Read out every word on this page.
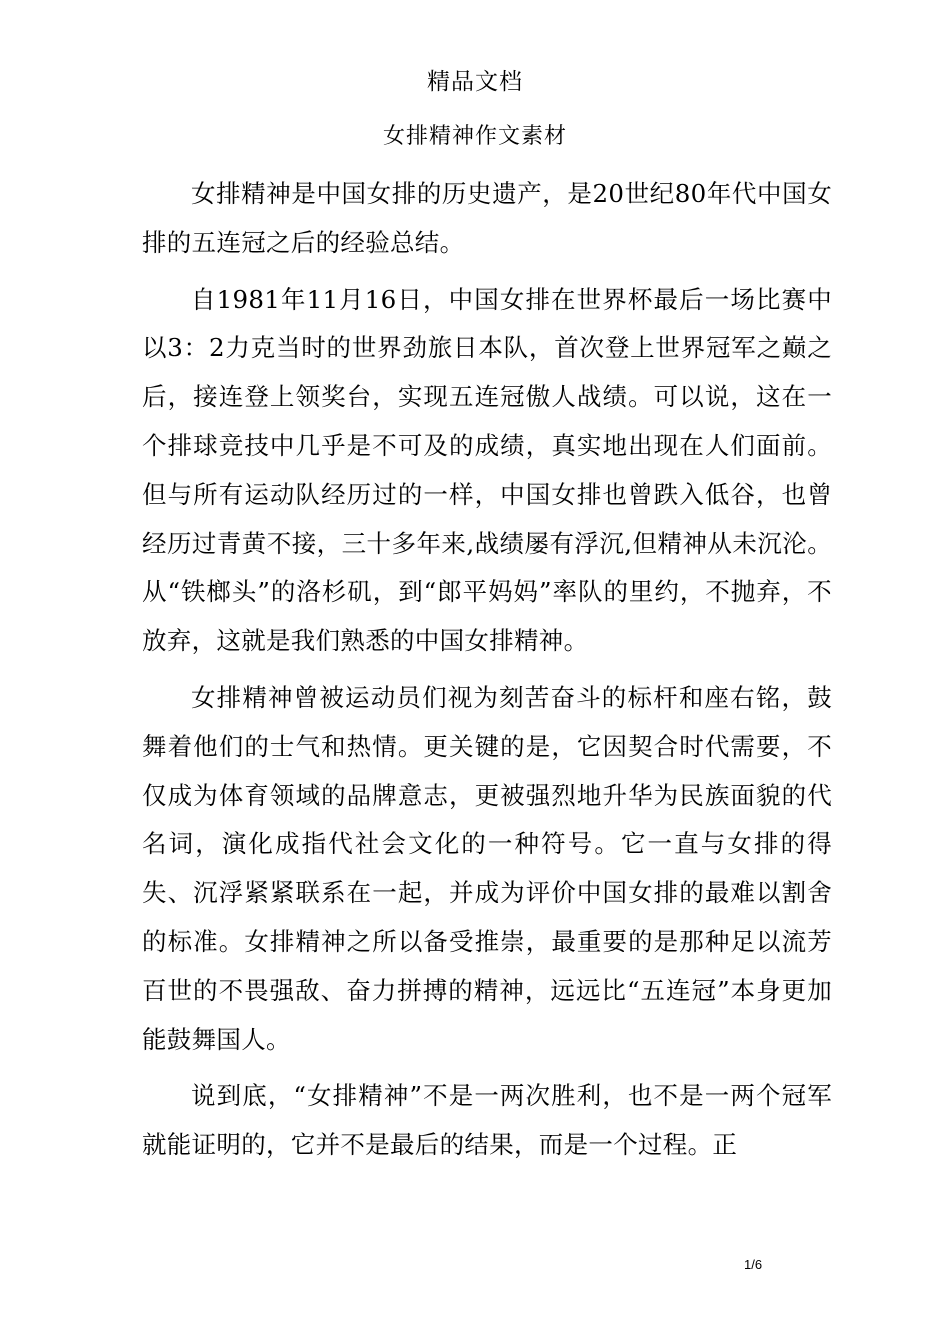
精品文档
女排精神作文素材

女排精神是中国女排的历史遗产，是20世纪80年代中国女排的五连冠之后的经验总结。

自1981年11月16日，中国女排在世界杯最后一场比赛中以3：2力克当时的世界劲旅日本队，首次登上世界冠军之巅之后，接连登上领奖台，实现五连冠傲人战绩。可以说，这在一个排球竞技中几乎是不可及的成绩，真实地出现在人们面前。但与所有运动队经历过的一样，中国女排也曾跌入低谷，也曾经历过青黄不接，三十多年来,战绩屡有浮沉,但精神从未沉沦。从“铁榔头”的洛杉矶，到“郎平妈妈”率队的里约，不抛弃，不放弃，这就是我们熟悉的中国女排精神。

女排精神曾被运动员们视为刻苦奋斗的标杆和座右铭，鼓舞着他们的士气和热情。更关键的是，它因契合时代需要，不仅成为体育领域的品牌意志，更被强烈地升华为民族面貌的代名词，演化成指代社会文化的一种符号。它一直与女排的得失、沉浮紧紧联系在一起，并成为评价中国女排的最难以割舍的标准。女排精神之所以备受推崇，最重要的是那种足以流芳百世的不畏强敌、奋力拼搏的精神，远远比“五连冠”本身更加能鼓舞国人。

说到底，“女排精神”不是一两次胜利，也不是一两个冠军就能证明的，它并不是最后的结果，而是一个过程。正

1/6
